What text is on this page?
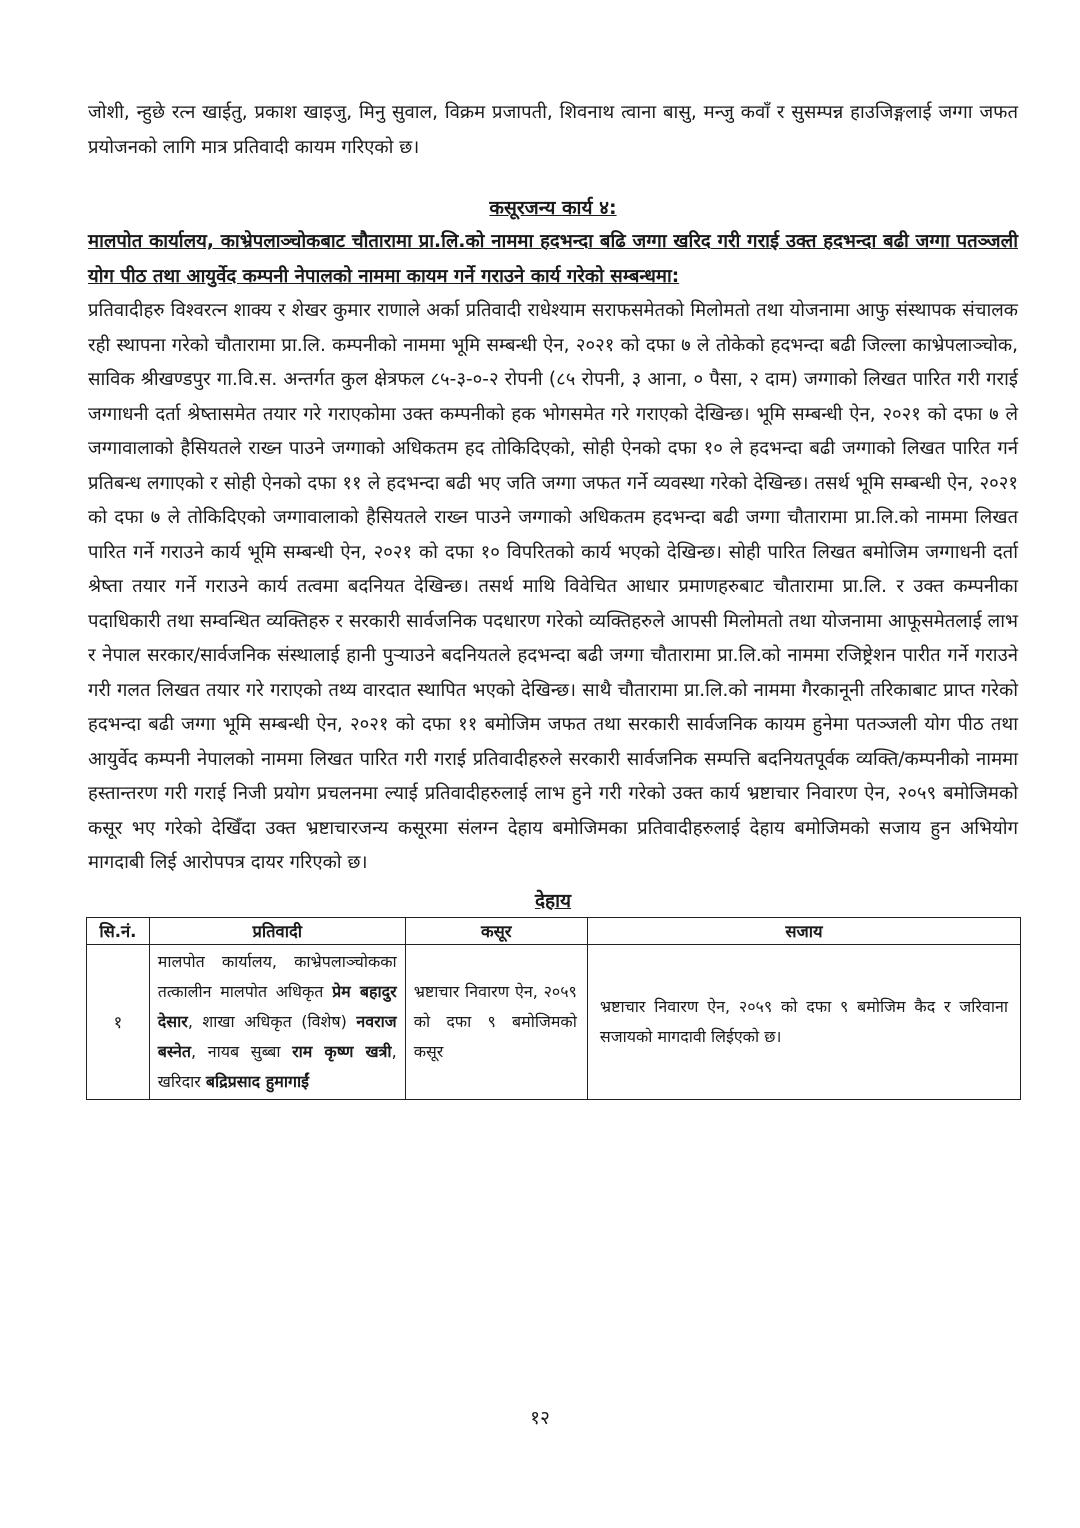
जोशी, न्हुछे रत्न खाईतु, प्रकाश खाइजु, मिनु सुवाल, विक्रम प्रजापती, शिवनाथ त्वाना बासु, मन्जु कवाँ र सुसम्पन्न हाउजिङ्गलाई जग्गा जफत प्रयोजनको लागि मात्र प्रतिवादी कायम गरिएको छ।

कसूरजन्य कार्य ४:

मालपोत कार्यालय, काभ्रेपलाञ्चोकबाट चौतारामा प्रा.लि.को नाममा हदभन्दा बढि जग्गा खरिद गरी गराई उक्त हदभन्दा बढी जग्गा पतञ्जली योग पीठ तथा आयुर्वेद कम्पनी नेपालको नाममा कायम गर्ने गराउने कार्य गरेको सम्बन्धमा:

प्रतिवादीहरु विश्वरत्न शाक्य र शेखर कुमार राणाले अर्का प्रतिवादी राधेश्याम सराफसमेतको मिलोमतो तथा योजनामा आफु संस्थापक संचालक रही स्थापना गरेको चौतारामा प्रा.लि. कम्पनीको नाममा भूमि सम्बन्धी ऐन, २०२१ को दफा ७ ले तोकेको हदभन्दा बढी जिल्ला काभ्रेपलाञ्चोक, साविक श्रीखण्डपुर गा.वि.स. अन्तर्गत कुल क्षेत्रफल ८५-३-०-२ रोपनी (८५ रोपनी, ३ आना, ० पैसा, २ दाम) जग्गाको लिखत पारित गरी गराई जग्गाधनी दर्ता श्रेष्तासमेत तयार गरे गराएकोमा उक्त कम्पनीको हक भोगसमेत गरे गराएको देखिन्छ। भूमि सम्बन्धी ऐन, २०२१ को दफा ७ ले जग्गावालाको हैसियतले राख्न पाउने जग्गाको अधिकतम हद तोकिदिएको, सोही ऐनको दफा १० ले हदभन्दा बढी जग्गाको लिखत पारित गर्न प्रतिबन्ध लगाएको र सोही ऐनको दफा ११ ले हदभन्दा बढी भए जति जग्गा जफत गर्ने व्यवस्था गरेको देखिन्छ। तसर्थ भूमि सम्बन्धी ऐन, २०२१ को दफा ७ ले तोकिदिएको जग्गावालाको हैसियतले राख्न पाउने जग्गाको अधिकतम हदभन्दा बढी जग्गा चौतारामा प्रा.लि.को नाममा लिखत पारित गर्ने गराउने कार्य भूमि सम्बन्धी ऐन, २०२१ को दफा १० विपरितको कार्य भएको देखिन्छ। सोही पारित लिखत बमोजिम जग्गाधनी दर्ता श्रेष्ता तयार गर्ने गराउने कार्य तत्वमा बदनियत देखिन्छ। तसर्थ माथि विवेचित आधार प्रमाणहरुबाट चौतारामा प्रा.लि. र उक्त कम्पनीका पदाधिकारी तथा सम्वन्धित व्यक्तिहरु र सरकारी सार्वजनिक पदधारण गरेको व्यक्तिहरुले आपसी मिलोमतो तथा योजनामा आफूसमेतलाई लाभ र नेपाल सरकार/सार्वजनिक संस्थालाई हानी पुर्‍याउने बदनियतले हदभन्दा बढी जग्गा चौतारामा प्रा.लि.को नाममा रजिष्ट्रेशन पारीत गर्ने गराउने गरी गलत लिखत तयार गरे गराएको तथ्य वारदात स्थापित भएको देखिन्छ। साथै चौतारामा प्रा.लि.को नाममा गैरकानूनी तरिकाबाट प्राप्त गरेको हदभन्दा बढी जग्गा भूमि सम्बन्धी ऐन, २०२१ को दफा ११ बमोजिम जफत तथा सरकारी सार्वजनिक कायम हुनेमा पतञ्जली योग पीठ तथा आयुर्वेद कम्पनी नेपालको नाममा लिखत पारित गरी गराई प्रतिवादीहरुले सरकारी सार्वजनिक सम्पत्ति बदनियतपूर्वक व्यक्ति/कम्पनीको नाममा हस्तान्तरण गरी गराई निजी प्रयोग प्रचलनमा ल्याई प्रतिवादीहरुलाई लाभ हुने गरी गरेको उक्त कार्य भ्रष्टाचार निवारण ऐन, २०५९ बमोजिमको कसूर भए गरेको देखिँदा उक्त भ्रष्टाचारजन्य कसूरमा संलग्न देहाय बमोजिमका प्रतिवादीहरुलाई देहाय बमोजिमको सजाय हुन अभियोग मागदाबी लिई आरोपपत्र दायर गरिएको छ।

देहाय
सि.नं.	प्रतिवादी	कसूर	सजाय
१	मालपोत कार्यालय, काभ्रेपलाञ्चोकका तत्कालीन मालपोत अधिकृत प्रेम बहादुर देसार, शाखा अधिकृत (विशेष) नवराज बस्नेत, नायब सुब्बा राम कृष्ण खत्री, खरिदार बद्रिप्रसाद हुमागाईं	भ्रष्टाचार निवारण ऐन, २०५९ को दफा ९ बमोजिमको कसूर	भ्रष्टाचार निवारण ऐन, २०५९ को दफा ९ बमोजिम कैद र जरिवाना सजायको मागदावी लिईएको छ।
१२
